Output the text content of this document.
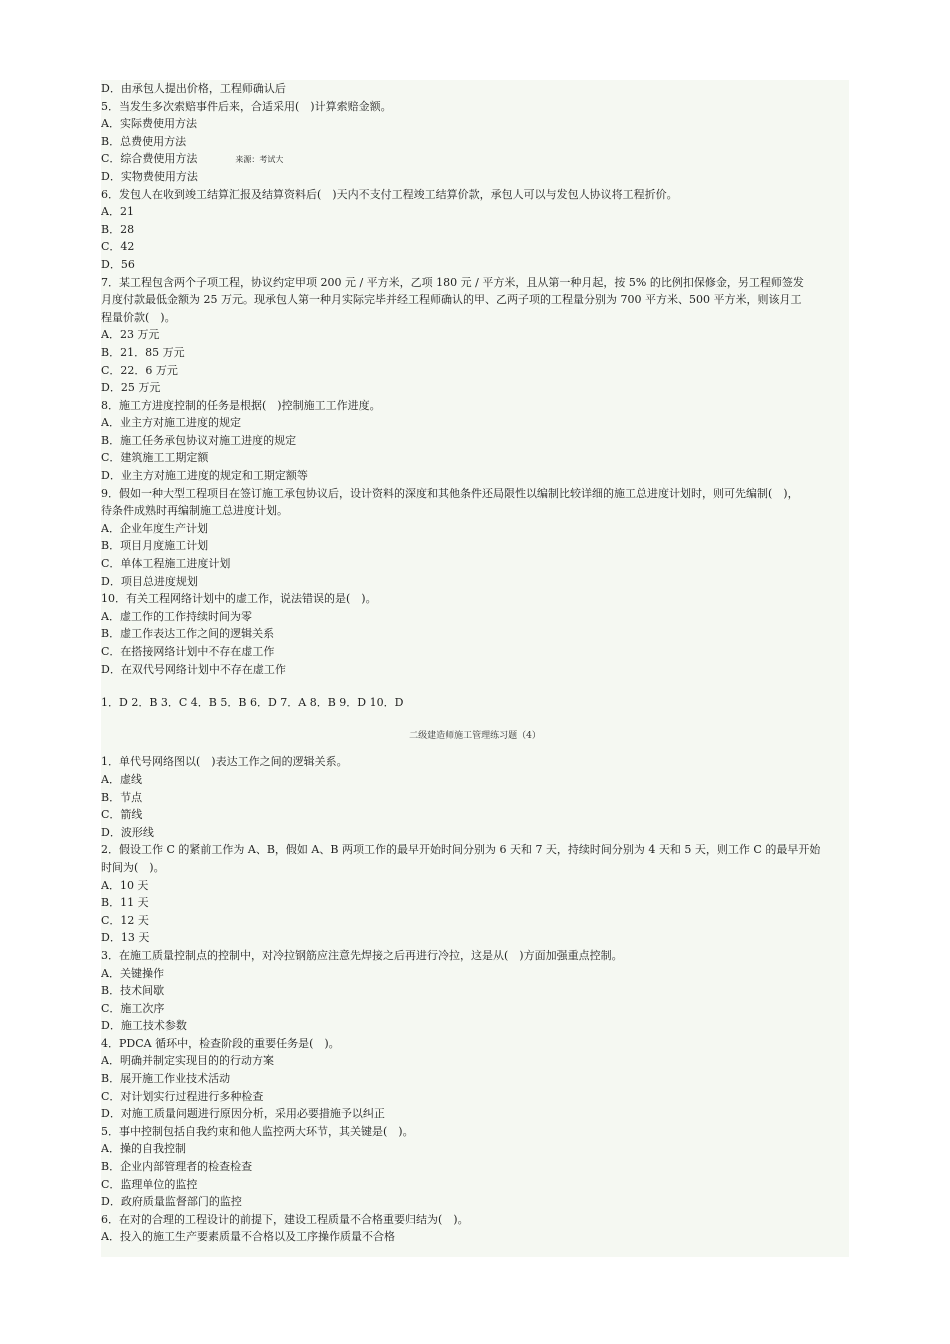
D．由承包人提出价格，工程师确认后
5．当发生多次索赔事件后来，合适采用(　)计算索赔金额。
A．实际费使用方法
B．总费使用方法
C．综合费使用方法	来源：考试大
D．实物费使用方法
6．发包人在收到竣工结算汇报及结算资料后(　)天内不支付工程竣工结算价款，承包人可以与发包人协议将工程折价。
A．21
B．28
C．42
D．56
7．某工程包含两个子项工程，协议约定甲项 200 元 / 平方米，乙项 180 元 / 平方米，且从第一种月起，按 5% 的比例扣保修金，另工程师签发
月度付款最低金额为 25 万元。现承包人第一种月实际完毕并经工程师确认的甲、乙两子项的工程量分别为 700 平方米、500 平方米，则该月工
程量价款(　)。
A．23 万元
B．21．85 万元
C．22．6 万元
D．25 万元
8．施工方进度控制的任务是根据(　)控制施工工作进度。
A．业主方对施工进度的规定
B．施工任务承包协议对施工进度的规定
C．建筑施工工期定额
D．业主方对施工进度的规定和工期定额等
9．假如一种大型工程项目在签订施工承包协议后，设计资料的深度和其他条件还局限性以编制比较详细的施工总进度计划时，则可先编制(　)，
待条件成熟时再编制施工总进度计划。
A．企业年度生产计划
B．项目月度施工计划
C．单体工程施工进度计划
D．项目总进度规划
10．有关工程网络计划中的虚工作，说法错误的是(　)。
A．虚工作的工作持续时间为零
B．虚工作表达工作之间的逻辑关系
C．在搭接网络计划中不存在虚工作
D．在双代号网络计划中不存在虚工作
1．D 2．B 3．C 4．B 5．B 6．D 7．A 8．B 9．D 10．D
二级建造师施工管理练习题（4）
1．单代号网络图以(　)表达工作之间的逻辑关系。
A．虚线
B．节点
C．箭线
D．波形线
2．假设工作 C 的紧前工作为 A、B，假如 A、B 两项工作的最早开始时间分别为 6 天和 7 天，持续时间分别为 4 天和 5 天，则工作 C 的最早开始
时间为(　)。
A．10 天
B．11 天
C．12 天
D．13 天
3．在施工质量控制点的控制中，对冷拉钢筋应注意先焊接之后再进行冷拉，这是从(　)方面加强重点控制。
A．关键操作
B．技术间歇
C．施工次序
D．施工技术参数
4．PDCA 循环中，检查阶段的重要任务是(　)。
A．明确并制定实现目的的行动方案
B．展开施工作业技术活动
C．对计划实行过程进行多种检查
D．对施工质量问题进行原因分析，采用必要措施予以纠正
5．事中控制包括自我约束和他人监控两大环节，其关键是(　)。
A．操的自我控制
B．企业内部管理者的检查检查
C．监理单位的监控
D．政府质量监督部门的监控
6．在对的合理的工程设计的前提下，建设工程质量不合格重要归结为(　)。
A．投入的施工生产要素质量不合格以及工序操作质量不合格
